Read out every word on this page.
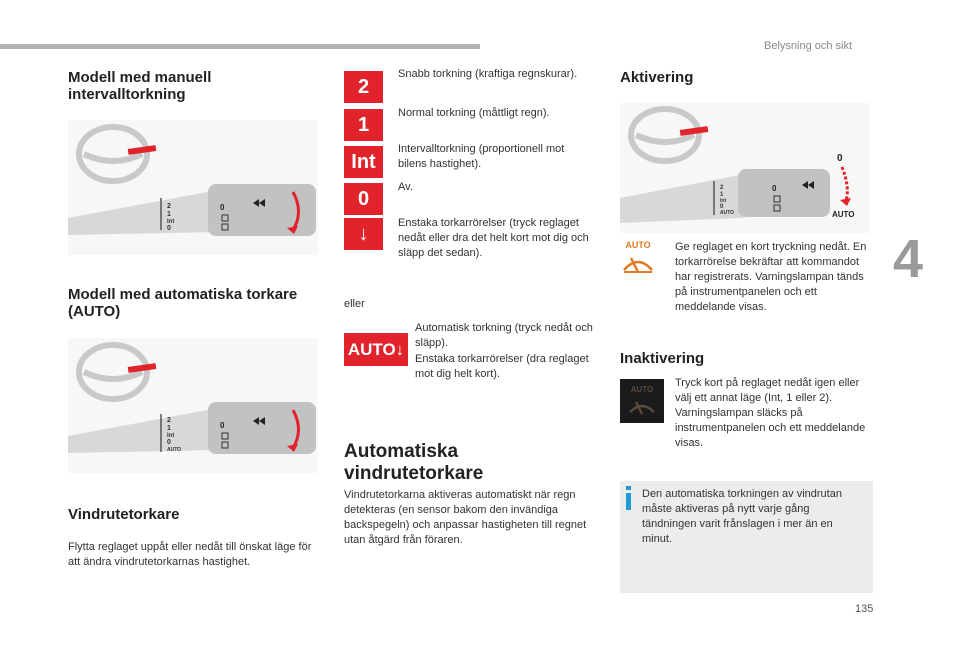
Belysning och sikt
4
135
Modell med manuell intervalltorkning
2
1
Int
0
0
Modell med automatiska torkare (AUTO)
2
1
Int
0
AUTO
0
Vindrutetorkare

Flytta reglaget uppåt eller nedåt till önskat läge för att ändra vindrutetorkarnas hastighet.

2

Snabb torkning (kraftiga regnskurar).

1

Normal torkning (måttligt regn).

Int

Intervalltorkning (proportionell mot bilens hastighet).

0

Av.

↓	Enstaka torkarrörelser (tryck reglaget nedåt eller dra det helt kort mot dig och släpp det sedan).

eller
AUTO↓

Automatisk torkning (tryck nedåt och släpp).

Enstaka torkarrörelser (dra reglaget mot dig helt kort).

Automatiska vindrutetorkare

Vindrutetorkarna aktiveras automatiskt när regn detekteras (en sensor bakom den invändiga backspegeln) och anpassar hastigheten till regnet utan åtgärd från föraren.

Aktivering
2
1
Int
0
AUTO
0
0
AUTO
AUTO	Ge reglaget en kort tryckning nedåt. En torkarrörelse bekräftar att kommandot har registrerats. Varningslampan tänds på instrumentpanelen och ett meddelande visas.

Inaktivering
AUTO

Tryck kort på reglaget nedåt igen eller välj ett annat läge (Int, 1 eller 2). Varningslampan släcks på instrumentpanelen och ett meddelande visas.

Den automatiska torkningen av vindrutan måste aktiveras på nytt varje gång tändningen varit frånslagen i mer än en minut.
